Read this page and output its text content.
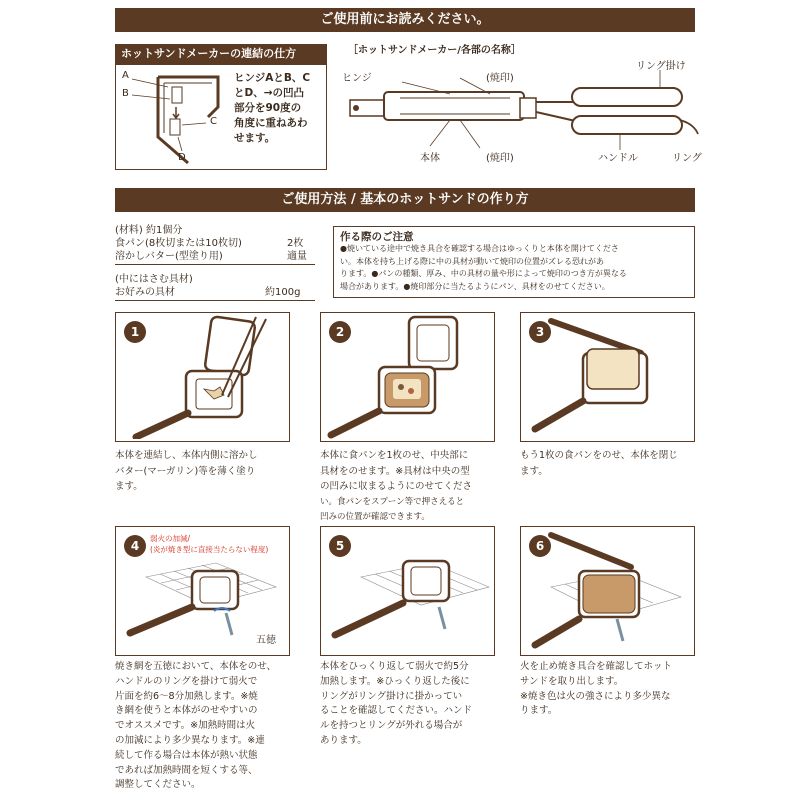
ご使用前にお読みください。
ホットサンドメーカーの連結の仕方
A
B
C
D
ヒンジAとB、C
とD、→の凹凸
部分を90度の
角度に重ねあわ
せます。
［ホットサンドメーカー/各部の名称］
ヒンジ	(焼印)
(焼印)
本体
リング掛け
ハンドル	リング
ご使用方法 / 基本のホットサンドの作り方
(材料) 約1個分
食パン(8枚切または10枚切)	2枚
溶かしバター(型塗り用)	適量
(中にはさむ具材)
お好みの具材	約100g
作る際のご注意
●焼いている途中で焼き具合を確認する場合はゆっくりと本体を開けてくださ
い。本体を持ち上げる際に中の具材が動いて焼印の位置がズレる恐れがあ
ります。●パンの種類、厚み、中の具材の量や形によって焼印のつき方が異なる
場合があります。●焼印部分に当たるようにパン、具材をのせてください。
1	2	3
本体を連結し、本体内側に溶かし
バター(マーガリン)等を薄く塗り
ます。
本体に食パンを1枚のせ、中央部に
具材をのせます。※具材は中央の型
の凹みに収まるようにのせてくださ
い。食パンをスプーン等で押さえると
凹みの位置が確認できます。
もう1枚の食パンをのせ、本体を閉じ
ます。
4
弱火の加減/
(炎が焼き型に直接当たらない程度)
五徳
5	6
焼き網を五徳において、本体をのせ、
ハンドルのリングを掛けて弱火で
片面を約6～8分加熱します。※焼
き網を使うと本体がのせやすいの
でオススメです。※加熱時間は火
の加減により多少異なります。※連
続して作る場合は本体が熱い状態
であれば加熱時間を短くする等、
調整してください。
本体をひっくり返して弱火で約5分
加熱します。※ひっくり返した後に
リングがリング掛けに掛かってい
ることを確認してください。ハンド
ルを持つとリングが外れる場合が
あります。
火を止め焼き具合を確認してホット
サンドを取り出します。
※焼き色は火の強さにより多少異な
ります。
